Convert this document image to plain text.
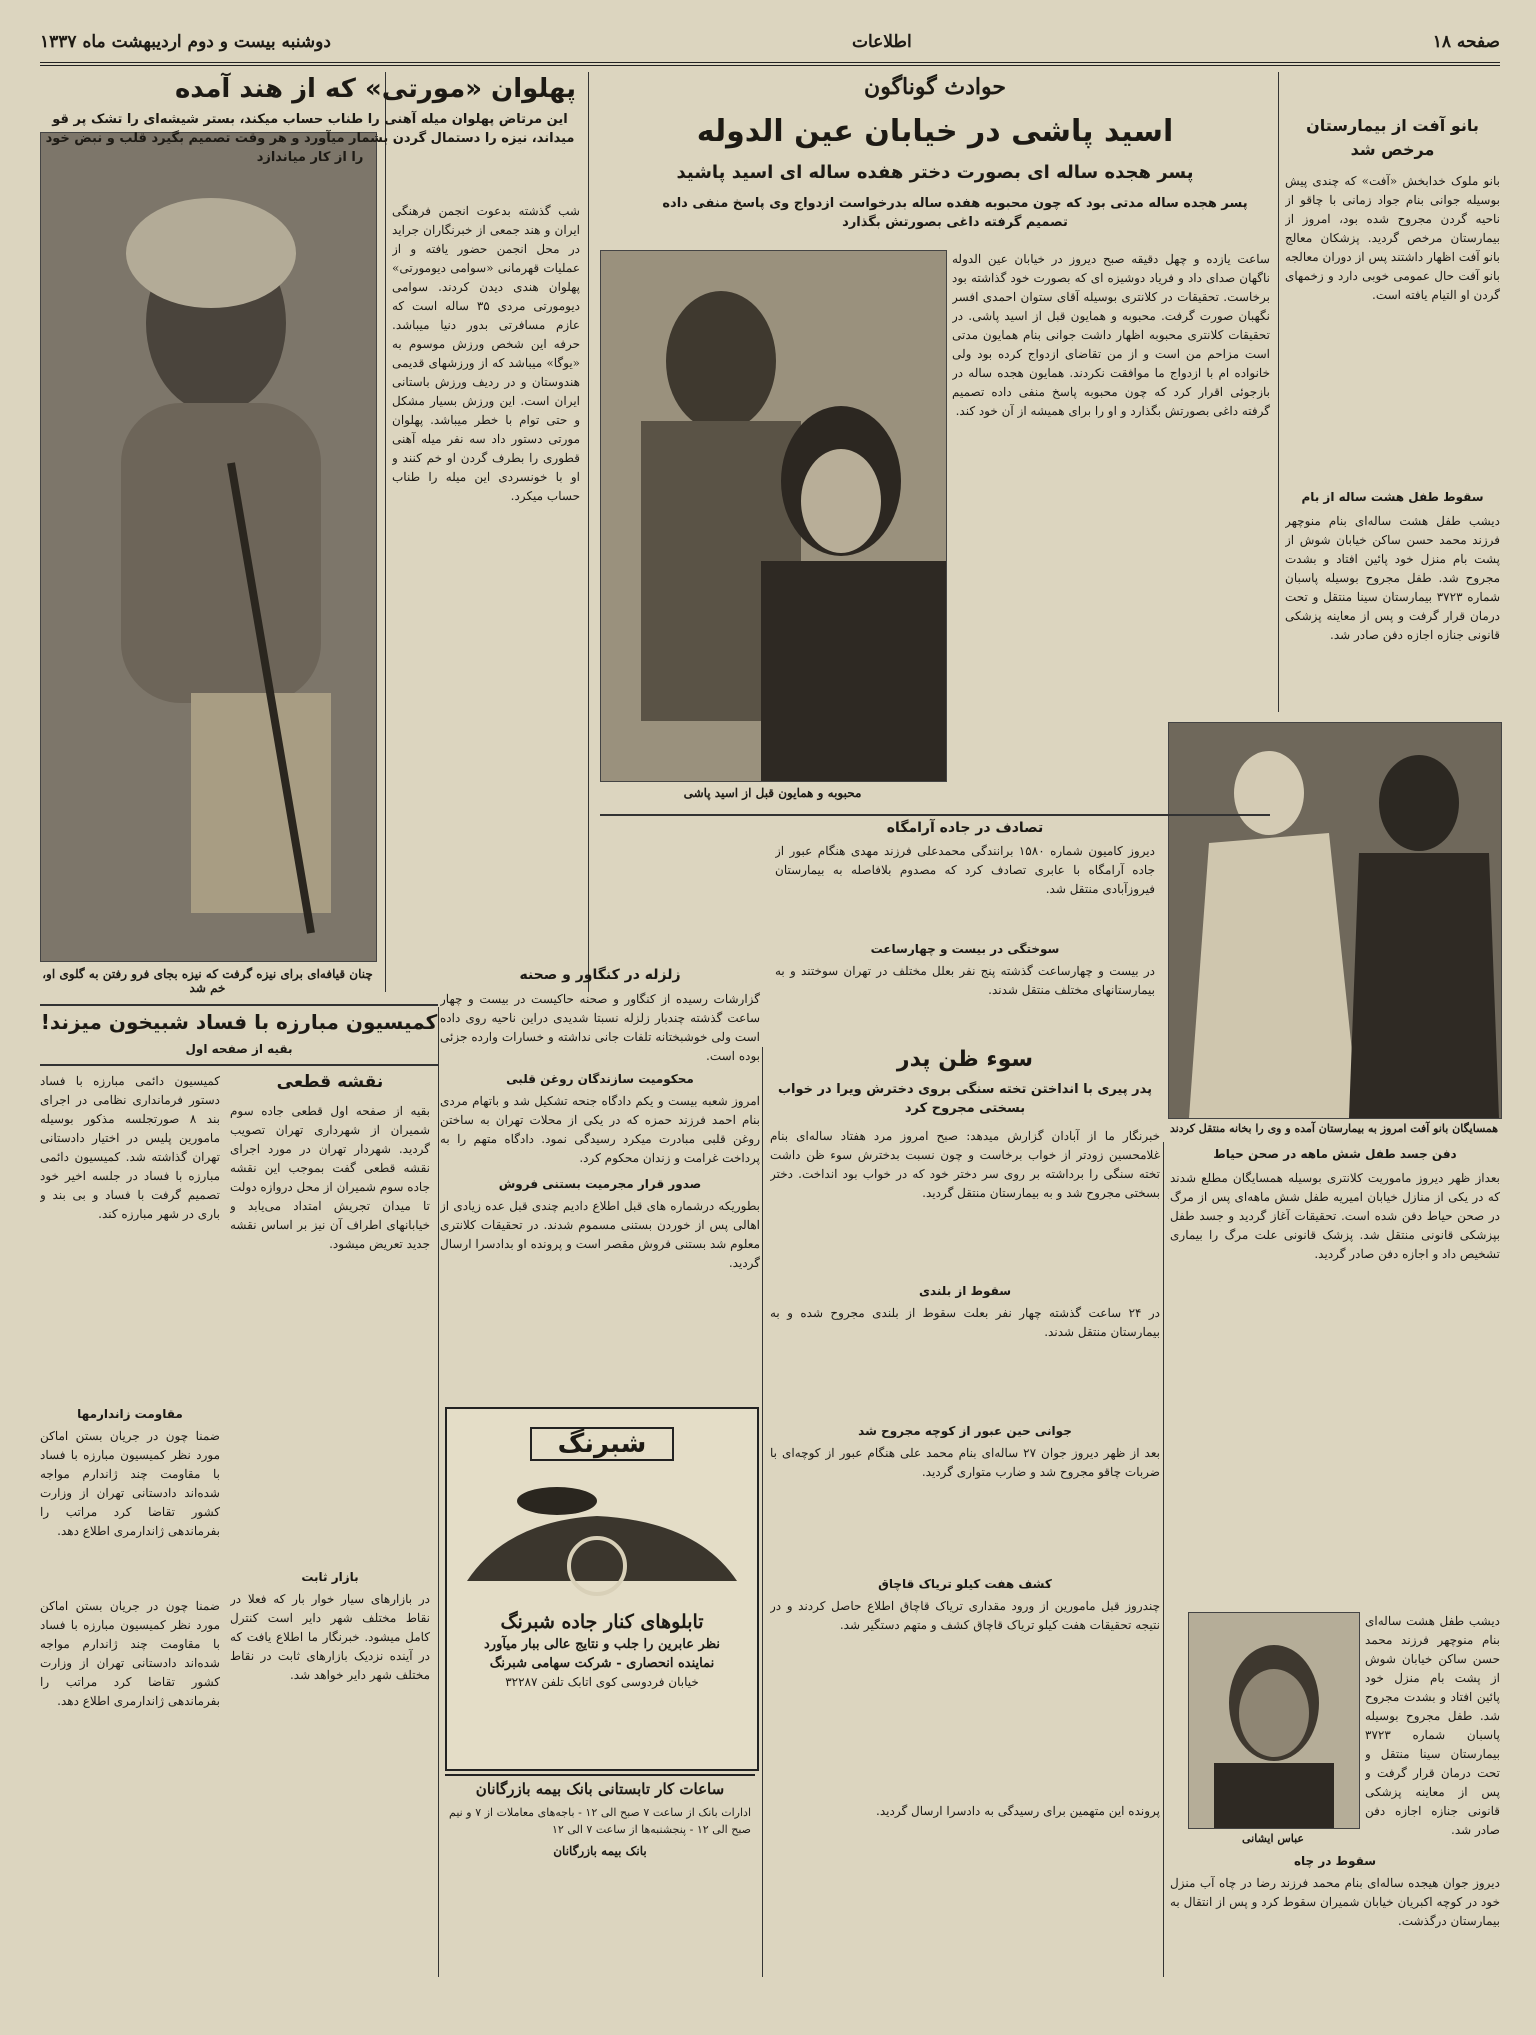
صفحه ۱۸
اطلاعات
دوشنبه بیست و دوم اردیبهشت ماه ۱۳۳۷
چنان قیافه‌ای برای نیزه گرفت که نیزه بجای فرو رفتن به گلوی او، خم شد
پهلوان «مورتی» که از هند آمده
این مرتاض پهلوان میله آهنی را طناب حساب میکند، بستر شیشه‌ای را تشک پر قو میداند، نیزه را دستمال گردن بشمار میآورد و هر وقت تصمیم بگیرد قلب و نبض خود را از کار میاندازد
شب گذشته بدعوت انجمن فرهنگی ایران و هند جمعی از خبرنگاران جراید در محل انجمن حضور یافته و از عملیات قهرمانی «سوامی دیومورتی» پهلوان هندی دیدن کردند. سوامی دیومورتی مردی ۳۵ ساله است که عازم مسافرتی بدور دنیا میباشد. حرفه این شخص ورزش موسوم به «یوگا» میباشد که از ورزشهای قدیمی هندوستان و در ردیف ورزش باستانی ایران است. این ورزش بسیار مشکل و حتی توام با خطر میباشد. پهلوان مورتی دستور داد سه نفر میله آهنی قطوری را بطرف گردن او خم کنند و او با خونسردی این میله را طناب حساب میکرد.
حوادث گوناگون
اسید پاشی در خیابان عین الدوله
پسر هجده ساله ای بصورت دختر هفده ساله ای اسید پاشید
پسر هجده ساله مدتی بود که چون محبوبه هفده ساله بدرخواست ازدواج وی پاسخ منفی داده تصمیم گرفته داغی بصورتش بگذارد
محبوبه و همایون قبل از اسید پاشی
ساعت یازده و چهل دقیقه صبح دیروز در خیابان عین الدوله ناگهان صدای داد و فریاد دوشیزه ای که بصورت خود گذاشته بود برخاست. تحقیقات در کلانتری بوسیله آقای ستوان احمدی افسر نگهبان صورت گرفت. محبوبه و همایون قبل از اسید پاشی. در تحقیقات کلانتری محبوبه اظهار داشت جوانی بنام همایون مدتی است مزاحم من است و از من تقاضای ازدواج کرده بود ولی خانواده ام با ازدواج ما موافقت نکردند. همایون هجده ساله در بازجوئی اقرار کرد که چون محبوبه پاسخ منفی داده تصمیم گرفته داغی بصورتش بگذارد و او را برای همیشه از آن خود کند.
بانو آفت از بیمارستان مرخص شد
بانو ملوک خدابخش «آفت» که چندی پیش بوسیله جوانی بنام جواد زمانی با چاقو از ناحیه گردن مجروح شده بود، امروز از بیمارستان مرخص گردید. پزشکان معالج بانو آفت اظهار داشتند پس از دوران معالجه بانو آفت حال عمومی خوبی دارد و زخمهای گردن او التیام یافته است.
سقوط طفل هشت ساله از بام
دیشب طفل هشت ساله‌ای بنام منوچهر فرزند محمد حسن ساکن خیابان شوش از پشت بام منزل خود پائین افتاد و بشدت مجروح شد. طفل مجروح بوسیله پاسبان شماره ۳۷۲۳ بیمارستان سینا منتقل و تحت درمان قرار گرفت و پس از معاینه پزشکی قانونی جنازه اجازه دفن صادر شد.
همسایگان بانو آفت امروز به بیمارستان آمده و وی را بخانه منتقل کردند
تصادف در جاده آرامگاه
دیروز کامیون شماره ۱۵۸۰ برانندگی محمدعلی فرزند مهدی هنگام عبور از جاده آرامگاه با عابری تصادف کرد که مصدوم بلافاصله به بیمارستان فیروزآبادی منتقل شد.
سوختگی در بیست و چهارساعت
در بیست و چهارساعت گذشته پنج نفر بعلل مختلف در تهران سوختند و به بیمارستانهای مختلف منتقل شدند.
زلزله در کنگاور و صحنه
گزارشات رسیده از کنگاور و صحنه حاکیست در بیست و چهار ساعت گذشته چندبار زلزله نسبتا شدیدی دراین ناحیه روی داده است ولی خوشبختانه تلفات جانی نداشته و خسارات وارده جزئی بوده است.
محکومیت سازندگان روغن قلبی
امروز شعبه بیست و یکم دادگاه جنحه تشکیل شد و باتهام مردی بنام احمد فرزند حمزه که در یکی از محلات تهران به ساختن روغن قلبی مبادرت میکرد رسیدگی نمود. دادگاه متهم را به پرداخت غرامت و زندان محکوم کرد.
صدور قرار مجرمیت بستنی فروش
بطوریکه درشماره های قبل اطلاع دادیم چندی قبل عده زیادی از اهالی پس از خوردن بستنی مسموم شدند. در تحقیقات کلانتری معلوم شد بستنی فروش مقصر است و پرونده او بدادسرا ارسال گردید.
کمیسیون مبارزه با فساد شبیخون میزند!
بقیه از صفحه اول
نقشه قطعی
بقیه از صفحه اول قطعی جاده سوم شمیران از شهرداری تهران تصویب گردید. شهردار تهران در مورد اجرای نقشه قطعی گفت بموجب این نقشه جاده سوم شمیران از محل دروازه دولت تا میدان تجریش امتداد می‌یابد و خیابانهای اطراف آن نیز بر اساس نقشه جدید تعریض میشود.
کمیسیون دائمی مبارزه با فساد دستور فرمانداری نظامی در اجرای بند ۸ صورتجلسه مذکور بوسیله مامورین پلیس در اختیار دادستانی تهران گذاشته شد. کمیسیون دائمی مبارزه با فساد در جلسه اخیر خود تصمیم گرفت با فساد و بی بند و باری در شهر مبارزه کند.
مقاومت زاندارمها
ضمنا چون در جریان بستن اماکن مورد نظر کمیسیون مبارزه با فساد با مقاومت چند ژاندارم مواجه شده‌اند دادستانی تهران از وزارت کشور تقاضا کرد مراتب را بفرماندهی ژاندارمری اطلاع دهد.
بازار ثابت
در بازارهای سیار خوار بار که فعلا در نقاط مختلف شهر دایر است کنترل کامل میشود. خبرنگار ما اطلاع یافت که در آینده نزدیک بازارهای ثابت در نقاط مختلف شهر دایر خواهد شد.
ضمنا چون در جریان بستن اماکن مورد نظر کمیسیون مبارزه با فساد با مقاومت چند ژاندارم مواجه شده‌اند دادستانی تهران از وزارت کشور تقاضا کرد مراتب را بفرماندهی ژاندارمری اطلاع دهد.
شبرنگ
تابلوهای کنار جاده شبرنگ
نظر عابرین را جلب و نتایج عالی ببار میآورد
نماینده انحصاری - شرکت سهامی شبرنگ
خیابان فردوسی کوی اتابک تلفن ۳۲۲۸۷
ساعات کار تابستانی بانک بیمه بازرگانان
ادارات بانک از ساعت ۷ صبح الی ۱۲ - باجه‌های معاملات از ۷ و نیم صبح الی ۱۲ - پنجشنبه‌ها از ساعت ۷ الی ۱۲
بانک بیمه بازرگانان
سوء ظن پدر
پدر پیری با انداختن تخته سنگی بروی دخترش ویرا در خواب بسختی مجروح کرد
خبرنگار ما از آبادان گزارش میدهد: صبح امروز مرد هفتاد ساله‌ای بنام غلامحسین زودتر از خواب برخاست و چون نسبت بدخترش سوء ظن داشت تخته سنگی را برداشته بر روی سر دختر خود که در خواب بود انداخت. دختر بسختی مجروح شد و به بیمارستان منتقل گردید.
سقوط از بلندی
در ۲۴ ساعت گذشته چهار نفر بعلت سقوط از بلندی مجروح شده و به بیمارستان منتقل شدند.
جوانی حین عبور از کوچه مجروح شد
بعد از ظهر دیروز جوان ۲۷ ساله‌ای بنام محمد علی هنگام عبور از کوچه‌ای با ضربات چاقو مجروح شد و ضارب متواری گردید.
کشف هفت کیلو تریاک قاچاق
چندروز قبل مامورین از ورود مقداری تریاک قاچاق اطلاع حاصل کردند و در نتیجه تحقیقات هفت کیلو تریاک قاچاق کشف و متهم دستگیر شد.
پرونده این متهمین برای رسیدگی به دادسرا ارسال گردید.
دفن جسد طفل شش ماهه در صحن حیاط
بعداز ظهر دیروز ماموریت کلانتری بوسیله همسایگان مطلع شدند که در یکی از منازل خیابان امیریه طفل شش ماهه‌ای پس از مرگ در صحن حیاط دفن شده است. تحقیقات آغاز گردید و جسد طفل بپزشکی قانونی منتقل شد. پزشک قانونی علت مرگ را بیماری تشخیص داد و اجازه دفن صادر گردید.
عباس ایشانی
دیشب طفل هشت ساله‌ای بنام منوچهر فرزند محمد حسن ساکن خیابان شوش از پشت بام منزل خود پائین افتاد و بشدت مجروح شد. طفل مجروح بوسیله پاسبان شماره ۳۷۲۳ بیمارستان سینا منتقل و تحت درمان قرار گرفت و پس از معاینه پزشکی قانونی جنازه اجازه دفن صادر شد.
سقوط در چاه
دیروز جوان هیجده ساله‌ای بنام محمد فرزند رضا در چاه آب منزل خود در کوچه اکبریان خیابان شمیران سقوط کرد و پس از انتقال به بیمارستان درگذشت.
